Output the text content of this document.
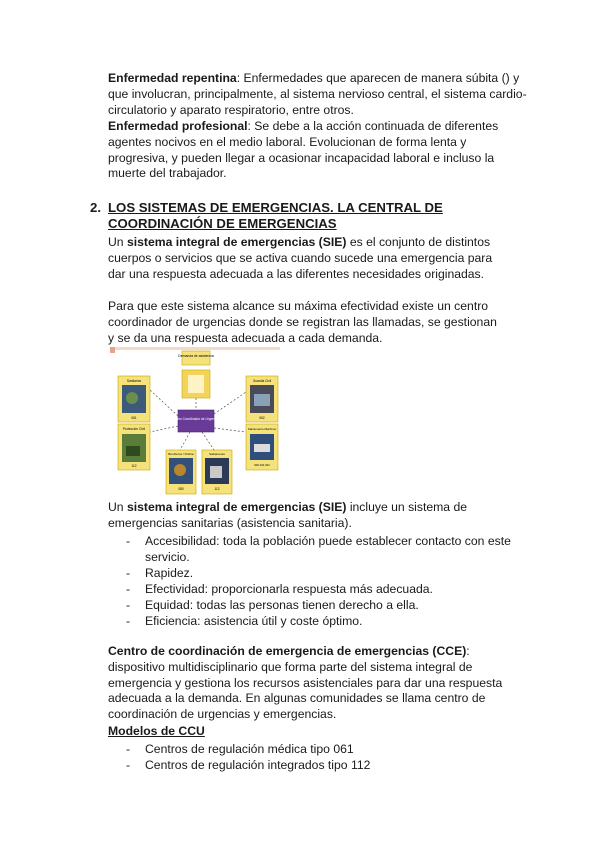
Enfermedad repentina: Enfermedades que aparecen de manera súbita () y que involucran, principalmente, al sistema nervioso central, el sistema cardio-circulatorio y aparato respiratorio, entre otros.

Enfermedad profesional: Se debe a la acción continuada de diferentes agentes nocivos en el medio laboral. Evolucionan de forma lenta y progresiva, y pueden llegar a ocasionar incapacidad laboral e incluso la muerte del trabajador.

2. LOS SISTEMAS DE EMERGENCIAS. LA CENTRAL DE COORDINACIÓN DE EMERGENCIAS

Un sistema integral de emergencias (SIE) es el conjunto de distintos cuerpos o servicios que se activa cuando sucede una emergencia para dar una respuesta adecuada a las diferentes necesidades originadas.

Para que este sistema alcance su máxima efectividad existe un centro coordinador de urgencias donde se registran las llamadas, se gestionan y se da una respuesta adecuada a cada demanda.

Demanda de asistencia
Centro Coordinador de Urgencias
Sanitarios
061
Protección Civil
112
Bomberos / Policía
080
Salvamento
112
Guardia Civil
062
Salvamento Marítimo
900 202 202

Un sistema integral de emergencias (SIE) incluye un sistema de emergencias sanitarias (asistencia sanitaria).

- Accesibilidad: toda la población puede establecer contacto con este servicio.
- Rapidez.
- Efectividad: proporcionarla respuesta más adecuada.
- Equidad: todas las personas tienen derecho a ella.
- Eficiencia: asistencia útil y coste óptimo.

Centro de coordinación de emergencia de emergencias (CCE): dispositivo multidisciplinario que forma parte del sistema integral de emergencia y gestiona los recursos asistenciales para dar una respuesta adecuada a la demanda. En algunas comunidades se llama centro de coordinación de urgencias y emergencias.

Modelos de CCU
- Centros de regulación médica tipo 061
- Centros de regulación integrados tipo 112
